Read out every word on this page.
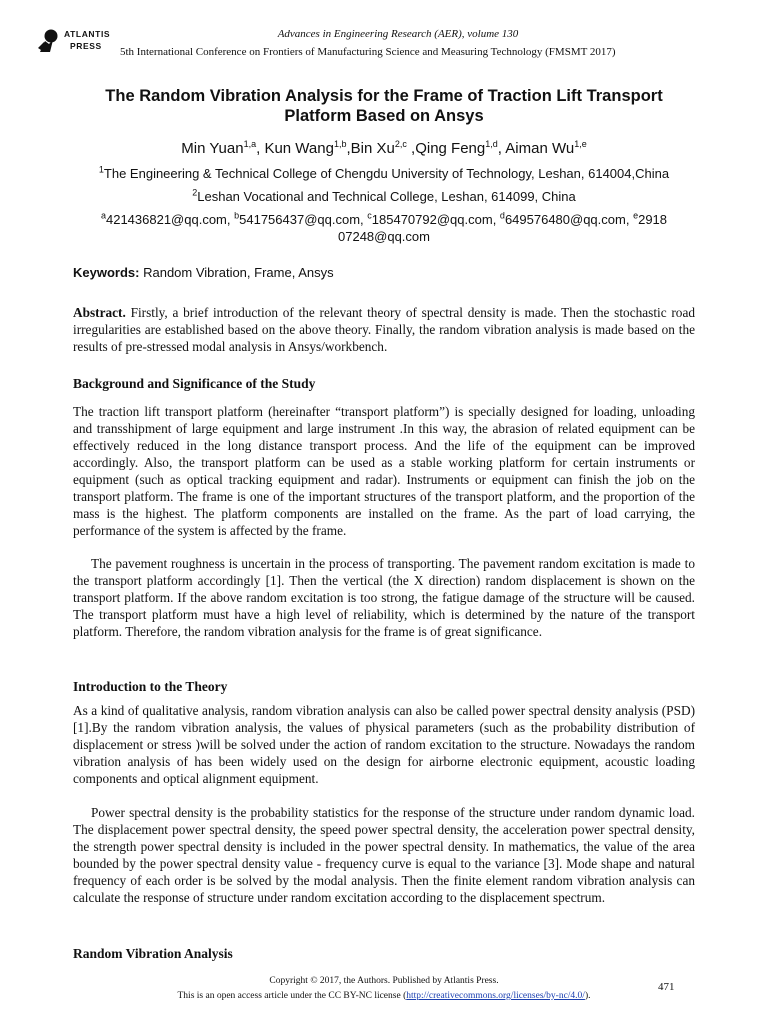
ATLANTIS
PRESS
Advances in Engineering Research (AER), volume 130
5th International Conference on Frontiers of Manufacturing Science and Measuring Technology (FMSMT 2017)
The Random Vibration Analysis for the Frame of Traction Lift Transport
Platform Based on Ansys
Min Yuan$^{1,a}$, Kun Wang$^{1,b}$,Bin Xu$^{2,c}$ ,Qing Feng$^{1,d}$, Aiman Wu$^{1,e}$
$^1$The Engineering & Technical College of Chengdu University of Technology, Leshan, 614004,China
$^2$Leshan Vocational and Technical College, Leshan, 614099, China
$^a$421436821@qq.com, $^b$541756437@qq.com, $^c$185470792@qq.com, $^d$649576480@qq.com, $^e$2918 07248@qq.com
Keywords: Random Vibration, Frame, Ansys
Abstract. Firstly, a brief introduction of the relevant theory of spectral density is made. Then the stochastic road irregularities are established based on the above theory. Finally, the random vibration analysis is made based on the results of pre-stressed modal analysis in Ansys/workbench.
Background and Significance of the Study
The traction lift transport platform (hereinafter “transport platform”) is specially designed for loading, unloading and transshipment of large equipment and large instrument .In this way, the abrasion of related equipment can be effectively reduced in the long distance transport process. And the life of the equipment can be improved accordingly. Also, the transport platform can be used as a stable working platform for certain instruments or equipment (such as optical tracking equipment and radar). Instruments or equipment can finish the job on the transport platform. The frame is one of the important structures of the transport platform, and the proportion of the mass is the highest. The platform components are installed on the frame. As the part of load carrying, the performance of the system is affected by the frame.
The pavement roughness is uncertain in the process of transporting. The pavement random excitation is made to the transport platform accordingly [1]. Then the vertical (the X direction) random displacement is shown on the transport platform. If the above random excitation is too strong, the fatigue damage of the structure will be caused. The transport platform must have a high level of reliability, which is determined by the nature of the transport platform. Therefore, the random vibration analysis for the frame is of great significance.
Introduction to the Theory
As a kind of qualitative analysis, random vibration analysis can also be called power spectral density analysis (PSD) [1].By the random vibration analysis, the values of physical parameters (such as the probability distribution of displacement or stress )will be solved under the action of random excitation to the structure. Nowadays the random vibration analysis of has been widely used on the design for airborne electronic equipment, acoustic loading components and optical alignment equipment.
Power spectral density is the probability statistics for the response of the structure under random dynamic load. The displacement power spectral density, the speed power spectral density, the acceleration power spectral density, the strength power spectral density is included in the power spectral density. In mathematics, the value of the area bounded by the power spectral density value - frequency curve is equal to the variance [3]. Mode shape and natural frequency of each order is be solved by the modal analysis. Then the finite element random vibration analysis can calculate the response of structure under random excitation according to the displacement spectrum.
Random Vibration Analysis
Copyright © 2017, the Authors. Published by Atlantis Press.
This is an open access article under the CC BY-NC license (http://creativecommons.org/licenses/by-nc/4.0/).
471
